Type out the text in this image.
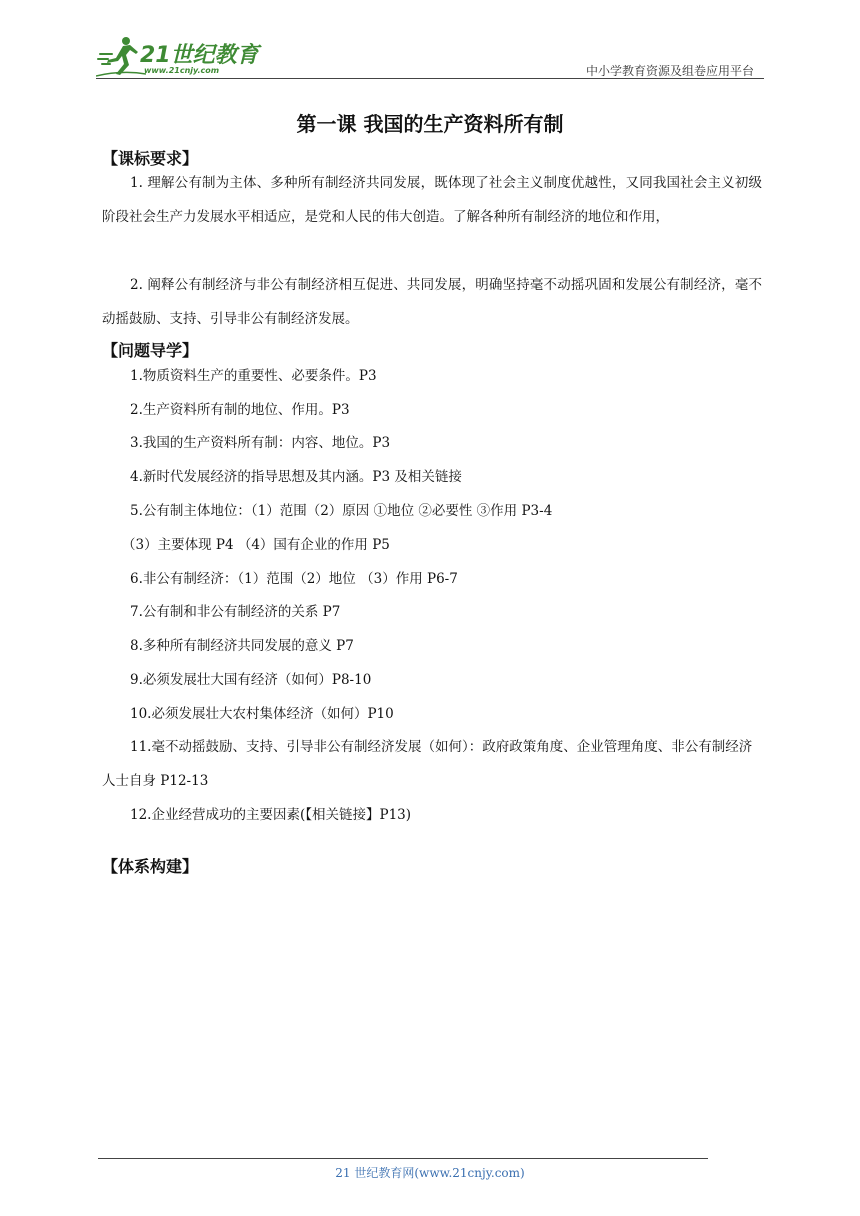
21世纪教育
www.21cnjy.com	中小学教育资源及组卷应用平台
第一课 我国的生产资料所有制
【课标要求】
1. 理解公有制为主体、多种所有制经济共同发展，既体现了社会主义制度优越性，又同我国社会主义初级阶段社会生产力发展水平相适应，是党和人民的伟大创造。了解各种所有制经济的地位和作用，
2. 阐释公有制经济与非公有制经济相互促进、共同发展，明确坚持毫不动摇巩固和发展公有制经济，毫不动摇鼓励、支持、引导非公有制经济发展。
【问题导学】
1.物质资料生产的重要性、必要条件。P3
2.生产资料所有制的地位、作用。P3
3.我国的生产资料所有制：内容、地位。P3
4.新时代发展经济的指导思想及其内涵。P3 及相关链接
5.公有制主体地位：（1）范围（2）原因 ①地位 ②必要性 ③作用 P3-4
（3）主要体现 P4 （4）国有企业的作用 P5
6.非公有制经济：（1）范围（2）地位 （3）作用 P6-7
7.公有制和非公有制经济的关系 P7
8.多种所有制经济共同发展的意义 P7
9.必须发展壮大国有经济（如何）P8-10
10.必须发展壮大农村集体经济（如何）P10
11.毫不动摇鼓励、支持、引导非公有制经济发展（如何）：政府政策角度、企业管理角度、非公有制经济人士自身 P12-13
12.企业经营成功的主要因素(【相关链接】P13)
【体系构建】
21 世纪教育网(www.21cnjy.com)
